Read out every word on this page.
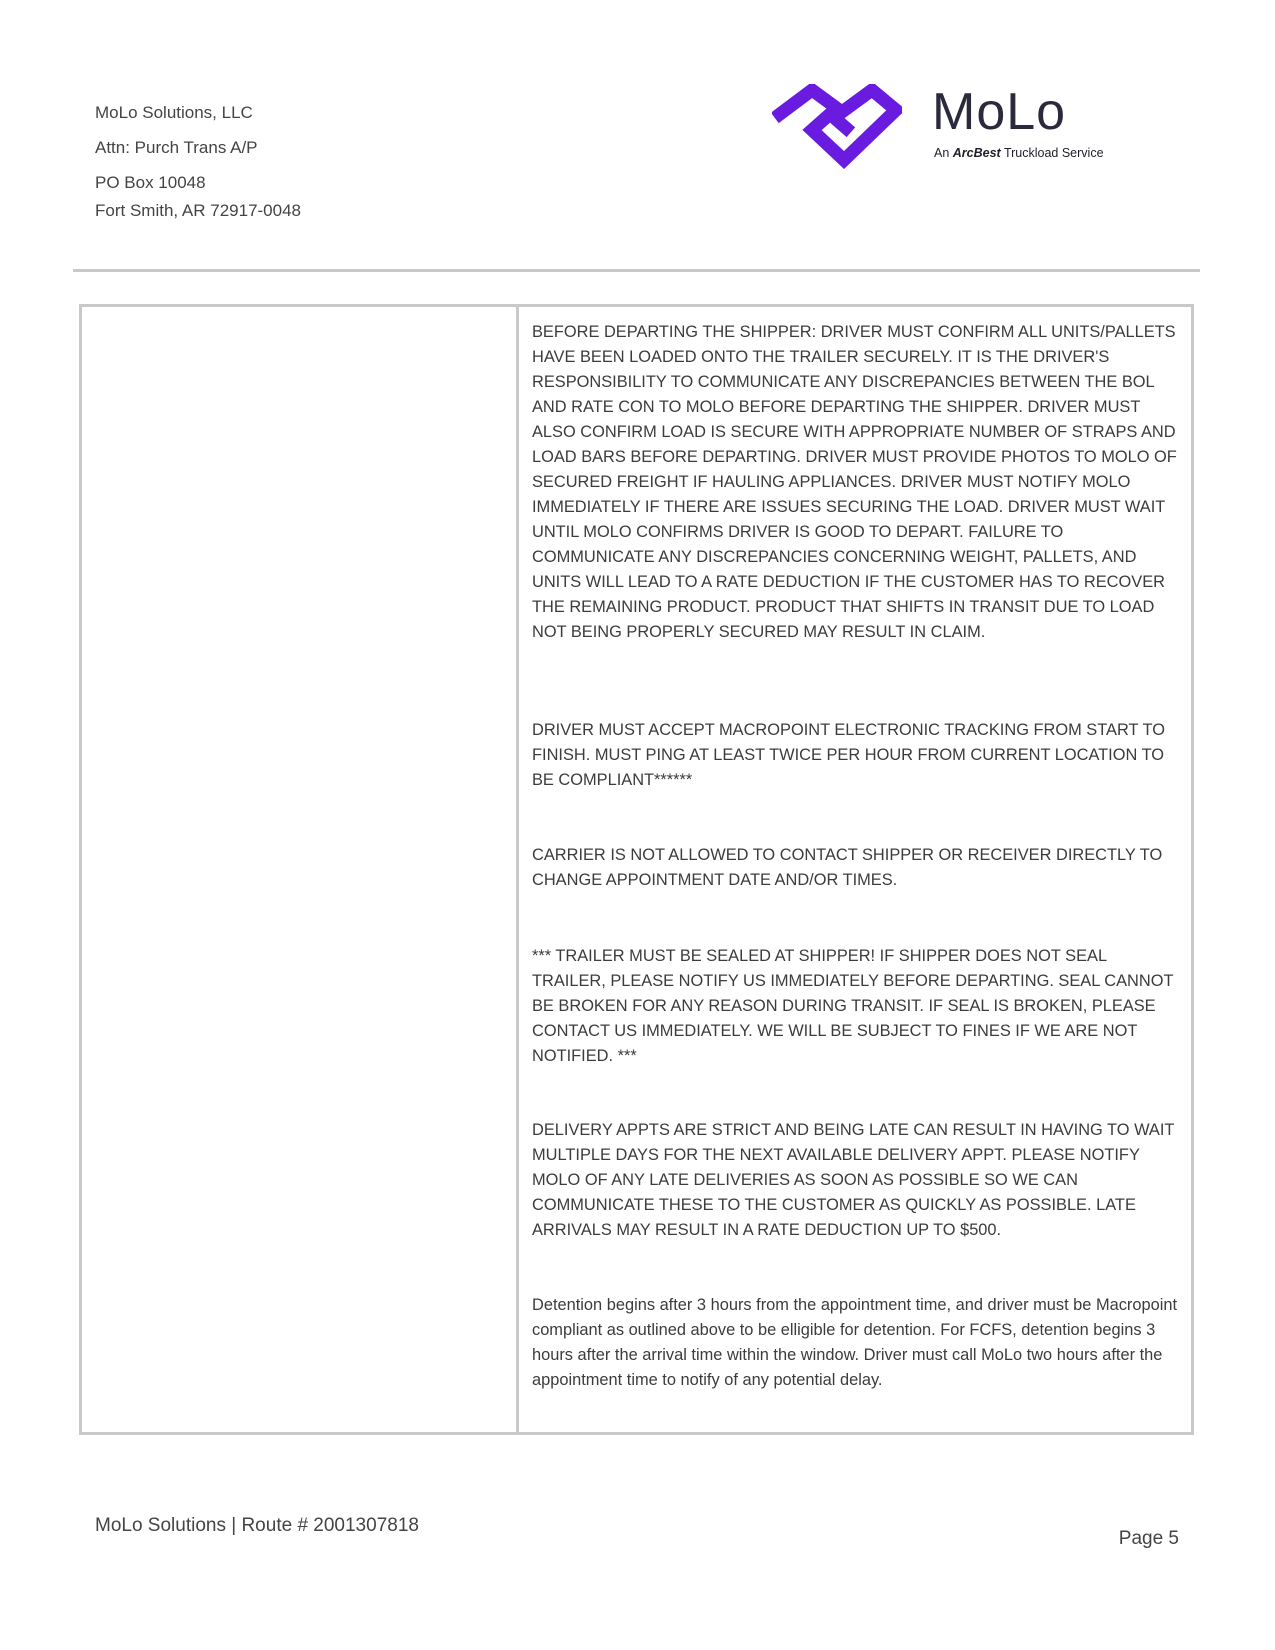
MoLo Solutions, LLC
Attn: Purch Trans A/P
PO Box 10048
Fort Smith, AR 72917-0048
MoLo
An ArcBest Truckload Service
BEFORE DEPARTING THE SHIPPER: DRIVER MUST CONFIRM ALL UNITS/PALLETS HAVE BEEN LOADED ONTO THE TRAILER SECURELY. IT IS THE DRIVER'S RESPONSIBILITY TO COMMUNICATE ANY DISCREPANCIES BETWEEN THE BOL AND RATE CON TO MOLO BEFORE DEPARTING THE SHIPPER. DRIVER MUST ALSO CONFIRM LOAD IS SECURE WITH APPROPRIATE NUMBER OF STRAPS AND LOAD BARS BEFORE DEPARTING. DRIVER MUST PROVIDE PHOTOS TO MOLO OF SECURED FREIGHT IF HAULING APPLIANCES. DRIVER MUST NOTIFY MOLO IMMEDIATELY IF THERE ARE ISSUES SECURING THE LOAD. DRIVER MUST WAIT UNTIL MOLO CONFIRMS DRIVER IS GOOD TO DEPART. FAILURE TO COMMUNICATE ANY DISCREPANCIES CONCERNING WEIGHT, PALLETS, AND UNITS WILL LEAD TO A RATE DEDUCTION IF THE CUSTOMER HAS TO RECOVER THE REMAINING PRODUCT. PRODUCT THAT SHIFTS IN TRANSIT DUE TO LOAD NOT BEING PROPERLY SECURED MAY RESULT IN CLAIM.
DRIVER MUST ACCEPT MACROPOINT ELECTRONIC TRACKING FROM START TO FINISH. MUST PING AT LEAST TWICE PER HOUR FROM CURRENT LOCATION TO BE COMPLIANT******
CARRIER IS NOT ALLOWED TO CONTACT SHIPPER OR RECEIVER DIRECTLY TO CHANGE APPOINTMENT DATE AND/OR TIMES.
*** TRAILER MUST BE SEALED AT SHIPPER! IF SHIPPER DOES NOT SEAL TRAILER, PLEASE NOTIFY US IMMEDIATELY BEFORE DEPARTING. SEAL CANNOT BE BROKEN FOR ANY REASON DURING TRANSIT. IF SEAL IS BROKEN, PLEASE CONTACT US IMMEDIATELY. WE WILL BE SUBJECT TO FINES IF WE ARE NOT NOTIFIED. ***
DELIVERY APPTS ARE STRICT AND BEING LATE CAN RESULT IN HAVING TO WAIT MULTIPLE DAYS FOR THE NEXT AVAILABLE DELIVERY APPT. PLEASE NOTIFY MOLO OF ANY LATE DELIVERIES AS SOON AS POSSIBLE SO WE CAN COMMUNICATE THESE TO THE CUSTOMER AS QUICKLY AS POSSIBLE. LATE ARRIVALS MAY RESULT IN A RATE DEDUCTION UP TO $500.
Detention begins after 3 hours from the appointment time, and driver must be Macropoint compliant as outlined above to be elligible for detention. For FCFS, detention begins 3 hours after the arrival time within the window. Driver must call MoLo two hours after the appointment time to notify of any potential delay.
MoLo Solutions | Route # 2001307818
Page 5
